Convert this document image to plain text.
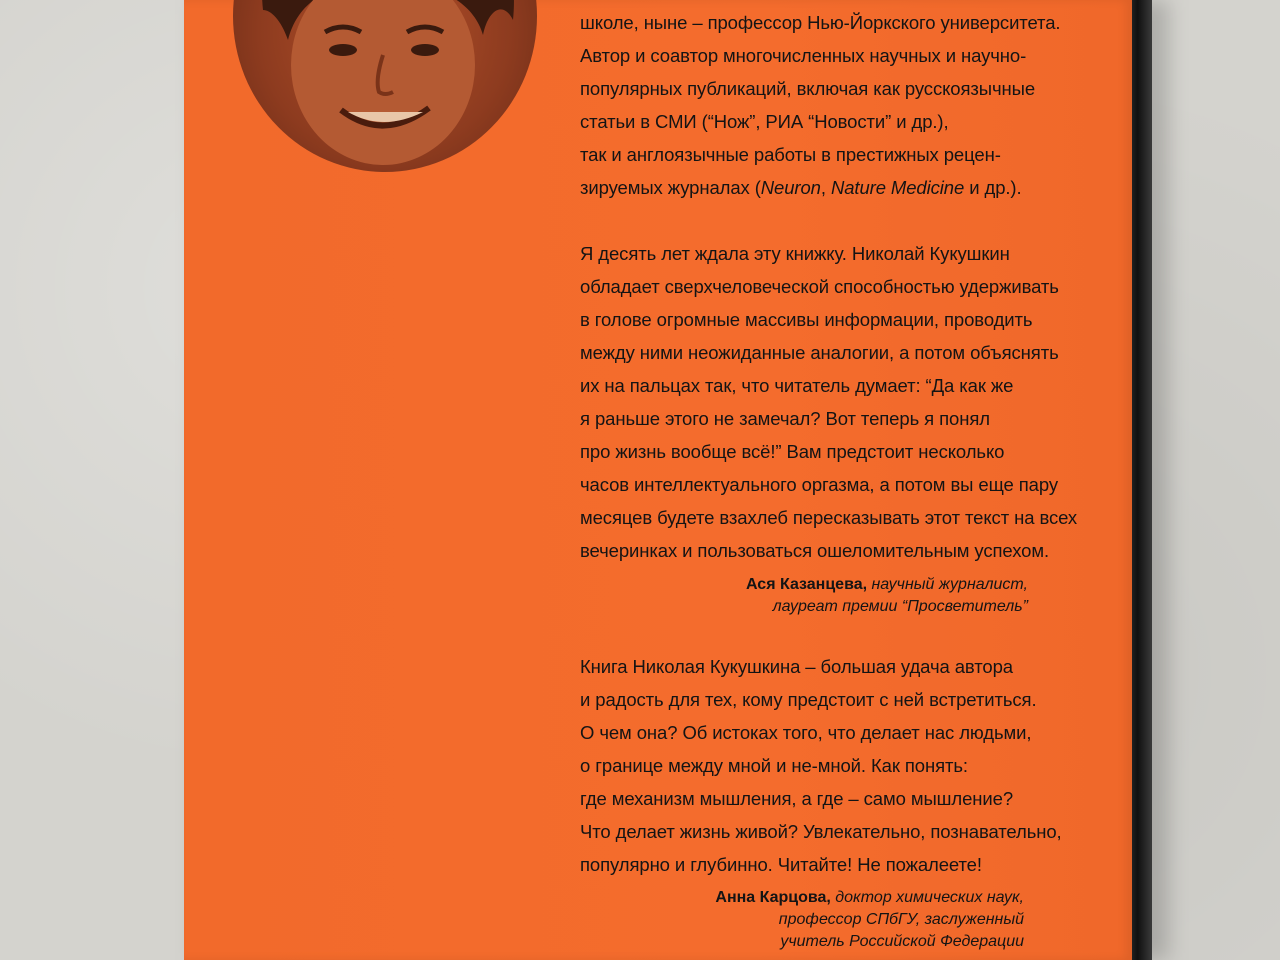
школе, ныне – профессор Нью-Йоркского университета.
Автор и соавтор многочисленных научных и научно-
популярных публикаций, включая как русскоязычные
статьи в СМИ (“Нож”, РИА “Новости” и др.),
так и англоязычные работы в престижных рецен-
зируемых журналах (Neuron, Nature Medicine и др.).
Я десять лет ждала эту книжку. Николай Кукушкин
обладает сверхчеловеческой способностью удерживать
в голове огромные массивы информации, проводить
между ними неожиданные аналогии, а потом объяснять
их на пальцах так, что читатель думает: “Да как же
я раньше этого не замечал? Вот теперь я понял
про жизнь вообще всё!” Вам предстоит несколько
часов интеллектуального оргазма, а потом вы еще пару
месяцев будете взахлеб пересказывать этот текст на всех
вечеринках и пользоваться ошеломительным успехом.
Ася Казанцева, научный журналист,
лауреат премии “Просветитель”
Книга Николая Кукушкина – большая удача автора
и радость для тех, кому предстоит с ней встретиться.
О чем она? Об истоках того, что делает нас людьми,
о границе между мной и не-мной. Как понять:
где механизм мышления, а где – само мышление?
Что делает жизнь живой? Увлекательно, познавательно,
популярно и глубинно. Читайте! Не пожалеете!
Анна Карцова, доктор химических наук,
профессор СПбГУ, заслуженный
учитель Российской Федерации
